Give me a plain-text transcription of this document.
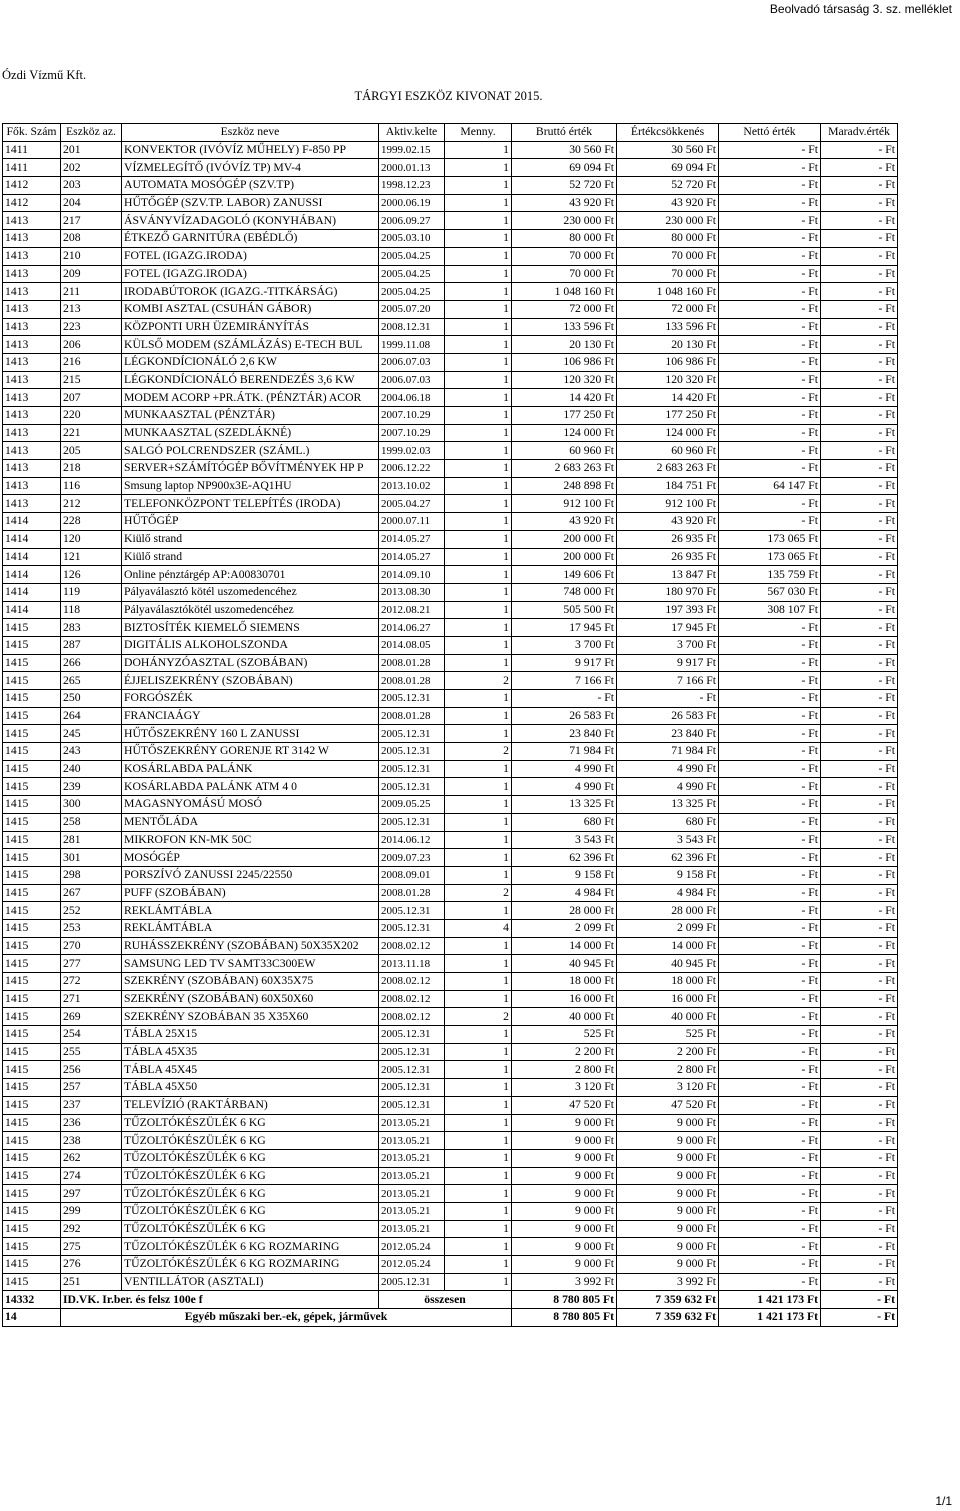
Beolvadó társaság 3. sz. melléklet
Ózdi Vízmű Kft.
TÁRGYI ESZKÖZ KIVONAT 2015.
Fők. Szám	Eszköz az.	Eszköz neve	Aktiv.kelte	Menny.	Bruttó érték	Értékcsökkenés	Nettó érték	Maradv.érték
1411	201	KONVEKTOR (IVÓVÍZ MŰHELY) F-850 PP	1999.02.15	1	30 560 Ft	30 560 Ft	- Ft	- Ft
1411	202	VÍZMELEGÍTŐ (IVÓVÍZ TP) MV-4	2000.01.13	1	69 094 Ft	69 094 Ft	- Ft	- Ft
1412	203	AUTOMATA MOSÓGÉP (SZV.TP)	1998.12.23	1	52 720 Ft	52 720 Ft	- Ft	- Ft
1412	204	HŰTŐGÉP (SZV.TP. LABOR) ZANUSSI	2000.06.19	1	43 920 Ft	43 920 Ft	- Ft	- Ft
1413	217	ÁSVÁNYVÍZADAGOLÓ (KONYHÁBAN)	2006.09.27	1	230 000 Ft	230 000 Ft	- Ft	- Ft
1413	208	ÉTKEZŐ GARNITÚRA (EBÉDLŐ)	2005.03.10	1	80 000 Ft	80 000 Ft	- Ft	- Ft
1413	210	FOTEL (IGAZG.IRODA)	2005.04.25	1	70 000 Ft	70 000 Ft	- Ft	- Ft
1413	209	FOTEL (IGAZG.IRODA)	2005.04.25	1	70 000 Ft	70 000 Ft	- Ft	- Ft
1413	211	IRODABÚTOROK (IGAZG.-TITKÁRSÁG)	2005.04.25	1	1 048 160 Ft	1 048 160 Ft	- Ft	- Ft
1413	213	KOMBI ASZTAL (CSUHÁN GÁBOR)	2005.07.20	1	72 000 Ft	72 000 Ft	- Ft	- Ft
1413	223	KÖZPONTI URH ÜZEMIRÁNYÍTÁS	2008.12.31	1	133 596 Ft	133 596 Ft	- Ft	- Ft
1413	206	KÜLSŐ MODEM (SZÁMLÁZÁS) E-TECH BUL	1999.11.08	1	20 130 Ft	20 130 Ft	- Ft	- Ft
1413	216	LÉGKONDÍCIONÁLÓ 2,6 KW	2006.07.03	1	106 986 Ft	106 986 Ft	- Ft	- Ft
1413	215	LÉGKONDÍCIONÁLÓ BERENDEZÉS 3,6 KW	2006.07.03	1	120 320 Ft	120 320 Ft	- Ft	- Ft
1413	207	MODEM ACORP +PR.ÁTK. (PÉNZTÁR) ACOR	2004.06.18	1	14 420 Ft	14 420 Ft	- Ft	- Ft
1413	220	MUNKAASZTAL (PÉNZTÁR)	2007.10.29	1	177 250 Ft	177 250 Ft	- Ft	- Ft
1413	221	MUNKAASZTAL (SZEDLÁKNÉ)	2007.10.29	1	124 000 Ft	124 000 Ft	- Ft	- Ft
1413	205	SALGÓ POLCRENDSZER (SZÁML.)	1999.02.03	1	60 960 Ft	60 960 Ft	- Ft	- Ft
1413	218	SERVER+SZÁMÍTÓGÉP BŐVÍTMÉNYEK HP P	2006.12.22	1	2 683 263 Ft	2 683 263 Ft	- Ft	- Ft
1413	116	Smsung laptop NP900x3E-AQ1HU	2013.10.02	1	248 898 Ft	184 751 Ft	64 147 Ft	- Ft
1413	212	TELEFONKÖZPONT TELEPÍTÉS (IRODA)	2005.04.27	1	912 100 Ft	912 100 Ft	- Ft	- Ft
1414	228	HŰTŐGÉP	2000.07.11	1	43 920 Ft	43 920 Ft	- Ft	- Ft
1414	120	Kiülő strand	2014.05.27	1	200 000 Ft	26 935 Ft	173 065 Ft	- Ft
1414	121	Kiülő strand	2014.05.27	1	200 000 Ft	26 935 Ft	173 065 Ft	- Ft
1414	126	Online pénztárgép AP:A00830701	2014.09.10	1	149 606 Ft	13 847 Ft	135 759 Ft	- Ft
1414	119	Pályaválasztó kötél uszomedencéhez	2013.08.30	1	748 000 Ft	180 970 Ft	567 030 Ft	- Ft
1414	118	Pályaválasztókötél uszomedencéhez	2012.08.21	1	505 500 Ft	197 393 Ft	308 107 Ft	- Ft
1415	283	BIZTOSÍTÉK KIEMELŐ SIEMENS	2014.06.27	1	17 945 Ft	17 945 Ft	- Ft	- Ft
1415	287	DIGITÁLIS ALKOHOLSZONDA	2014.08.05	1	3 700 Ft	3 700 Ft	- Ft	- Ft
1415	266	DOHÁNYZÓASZTAL (SZOBÁBAN)	2008.01.28	1	9 917 Ft	9 917 Ft	- Ft	- Ft
1415	265	ÉJJELISZEKRÉNY (SZOBÁBAN)	2008.01.28	2	7 166 Ft	7 166 Ft	- Ft	- Ft
1415	250	FORGÓSZÉK	2005.12.31	1	- Ft	- Ft	- Ft	- Ft
1415	264	FRANCIAÁGY	2008.01.28	1	26 583 Ft	26 583 Ft	- Ft	- Ft
1415	245	HŰTŐSZEKRÉNY 160 L ZANUSSI	2005.12.31	1	23 840 Ft	23 840 Ft	- Ft	- Ft
1415	243	HŰTŐSZEKRÉNY GORENJE RT 3142 W	2005.12.31	2	71 984 Ft	71 984 Ft	- Ft	- Ft
1415	240	KOSÁRLABDA PALÁNK	2005.12.31	1	4 990 Ft	4 990 Ft	- Ft	- Ft
1415	239	KOSÁRLABDA PALÁNK ATM 4 0	2005.12.31	1	4 990 Ft	4 990 Ft	- Ft	- Ft
1415	300	MAGASNYOMÁSÚ MOSÓ	2009.05.25	1	13 325 Ft	13 325 Ft	- Ft	- Ft
1415	258	MENTŐLÁDA	2005.12.31	1	680 Ft	680 Ft	- Ft	- Ft
1415	281	MIKROFON KN-MK 50C	2014.06.12	1	3 543 Ft	3 543 Ft	- Ft	- Ft
1415	301	MOSÓGÉP	2009.07.23	1	62 396 Ft	62 396 Ft	- Ft	- Ft
1415	298	PORSZÍVÓ ZANUSSI 2245/22550	2008.09.01	1	9 158 Ft	9 158 Ft	- Ft	- Ft
1415	267	PUFF (SZOBÁBAN)	2008.01.28	2	4 984 Ft	4 984 Ft	- Ft	- Ft
1415	252	REKLÁMTÁBLA	2005.12.31	1	28 000 Ft	28 000 Ft	- Ft	- Ft
1415	253	REKLÁMTÁBLA	2005.12.31	4	2 099 Ft	2 099 Ft	- Ft	- Ft
1415	270	RUHÁSSZEKRÉNY (SZOBÁBAN) 50X35X202	2008.02.12	1	14 000 Ft	14 000 Ft	- Ft	- Ft
1415	277	SAMSUNG LED TV SAMT33C300EW	2013.11.18	1	40 945 Ft	40 945 Ft	- Ft	- Ft
1415	272	SZEKRÉNY (SZOBÁBAN) 60X35X75	2008.02.12	1	18 000 Ft	18 000 Ft	- Ft	- Ft
1415	271	SZEKRÉNY (SZOBÁBAN) 60X50X60	2008.02.12	1	16 000 Ft	16 000 Ft	- Ft	- Ft
1415	269	SZEKRÉNY SZOBÁBAN 35 X35X60	2008.02.12	2	40 000 Ft	40 000 Ft	- Ft	- Ft
1415	254	TÁBLA 25X15	2005.12.31	1	525 Ft	525 Ft	- Ft	- Ft
1415	255	TÁBLA 45X35	2005.12.31	1	2 200 Ft	2 200 Ft	- Ft	- Ft
1415	256	TÁBLA 45X45	2005.12.31	1	2 800 Ft	2 800 Ft	- Ft	- Ft
1415	257	TÁBLA 45X50	2005.12.31	1	3 120 Ft	3 120 Ft	- Ft	- Ft
1415	237	TELEVÍZIÓ (RAKTÁRBAN)	2005.12.31	1	47 520 Ft	47 520 Ft	- Ft	- Ft
1415	236	TŰZOLTÓKÉSZÜLÉK 6 KG	2013.05.21	1	9 000 Ft	9 000 Ft	- Ft	- Ft
1415	238	TŰZOLTÓKÉSZÜLÉK 6 KG	2013.05.21	1	9 000 Ft	9 000 Ft	- Ft	- Ft
1415	262	TŰZOLTÓKÉSZÜLÉK 6 KG	2013.05.21	1	9 000 Ft	9 000 Ft	- Ft	- Ft
1415	274	TŰZOLTÓKÉSZÜLÉK 6 KG	2013.05.21	1	9 000 Ft	9 000 Ft	- Ft	- Ft
1415	297	TŰZOLTÓKÉSZÜLÉK 6 KG	2013.05.21	1	9 000 Ft	9 000 Ft	- Ft	- Ft
1415	299	TŰZOLTÓKÉSZÜLÉK 6 KG	2013.05.21	1	9 000 Ft	9 000 Ft	- Ft	- Ft
1415	292	TŰZOLTÓKÉSZÜLÉK 6 KG	2013.05.21	1	9 000 Ft	9 000 Ft	- Ft	- Ft
1415	275	TŰZOLTÓKÉSZÜLÉK 6 KG ROZMARING	2012.05.24	1	9 000 Ft	9 000 Ft	- Ft	- Ft
1415	276	TŰZOLTÓKÉSZÜLÉK 6 KG ROZMARING	2012.05.24	1	9 000 Ft	9 000 Ft	- Ft	- Ft
1415	251	VENTILLÁTOR (ASZTALI)	2005.12.31	1	3 992 Ft	3 992 Ft	- Ft	- Ft
14332	ID.VK. Ir.ber. és felsz 100e f		összesen		8 780 805 Ft	7 359 632 Ft	1 421 173 Ft	- Ft
14	Egyéb műszaki ber.-ek, gépek, járművek				8 780 805 Ft	7 359 632 Ft	1 421 173 Ft	- Ft
1/1
